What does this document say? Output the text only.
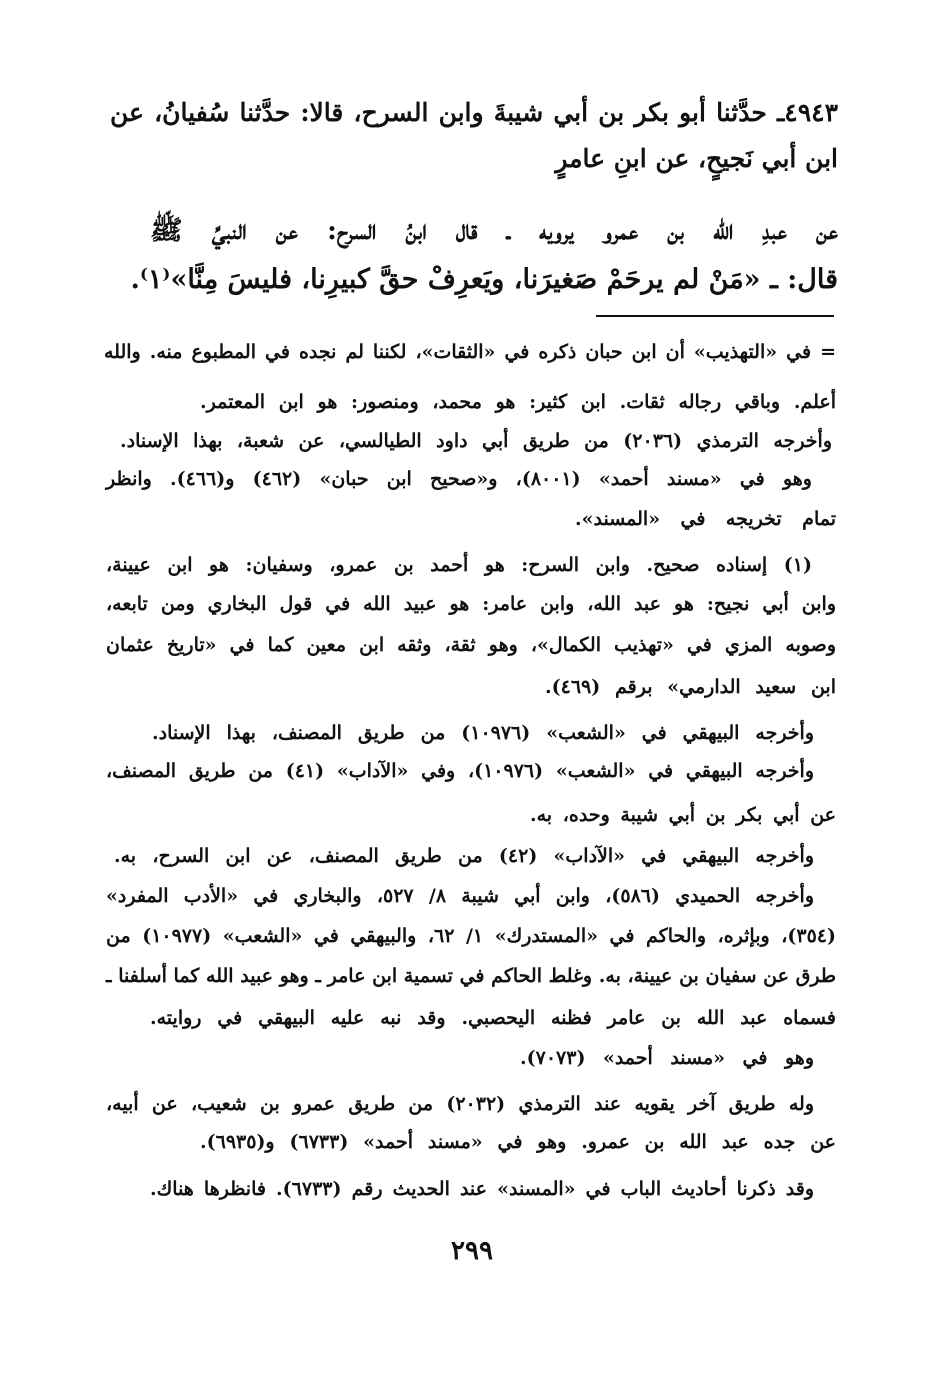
٤٩٤٣ـ حدَّثنا أبو بكر بن أبي شيبةَ وابن السرح، قالا: حدَّثنا سُفيانُ، عن
ابن أبي نَجيحٍ، عن ابنِ عامرٍ
عن عبدِ الله بن عمرو يرويه ـ قال ابنُ السرح: عن النبيِّ ﷺ
قال: ـ «مَنْ لم يرحَمْ صَغيرَنا، ويَعرِفْ حقَّ كبيرِنا، فليسَ مِنَّا»⁽١⁾.
= في «التهذيب» أن ابن حبان ذكره في «الثقات»، لكننا لم نجده في المطبوع منه. والله
أعلم. وباقي رجاله ثقات. ابن كثير: هو محمد، ومنصور: هو ابن المعتمر.
وأخرجه الترمذي (٢٠٣٦) من طريق أبي داود الطيالسي، عن شعبة، بهذا الإسناد.
وهو في «مسند أحمد» (٨٠٠١)، و«صحيح ابن حبان» (٤٦٢) و(٤٦٦). وانظر
تمام تخريجه في «المسند».
(١) إسناده صحيح. وابن السرح: هو أحمد بن عمرو، وسفيان: هو ابن عيينة،
وابن أبي نجيح: هو عبد الله، وابن عامر: هو عبيد الله في قول البخاري ومن تابعه،
وصوبه المزي في «تهذيب الكمال»، وهو ثقة، وثقه ابن معين كما في «تاريخ عثمان
ابن سعيد الدارمي» برقم (٤٦٩).
وأخرجه البيهقي في «الشعب» (١٠٩٧٦) من طريق المصنف، بهذا الإسناد.
وأخرجه البيهقي في «الشعب» (١٠٩٧٦)، وفي «الآداب» (٤١) من طريق المصنف،
عن أبي بكر بن أبي شيبة وحده، به.
وأخرجه البيهقي في «الآداب» (٤٢) من طريق المصنف، عن ابن السرح، به.
وأخرجه الحميدي (٥٨٦)، وابن أبي شيبة ٨/ ٥٢٧، والبخاري في «الأدب المفرد»
(٣٥٤)، وبإثره، والحاكم في «المستدرك» ١/ ٦٢، والبيهقي في «الشعب» (١٠٩٧٧) من
طرق عن سفيان بن عيينة، به. وغلط الحاكم في تسمية ابن عامر ـ وهو عبيد الله كما أسلفنا ـ
فسماه عبد الله بن عامر فظنه اليحصبي. وقد نبه عليه البيهقي في روايته.
وهو في «مسند أحمد» (٧٠٧٣).
وله طريق آخر يقويه عند الترمذي (٢٠٣٢) من طريق عمرو بن شعيب، عن أبيه،
عن جده عبد الله بن عمرو. وهو في «مسند أحمد» (٦٧٣٣) و(٦٩٣٥).
وقد ذكرنا أحاديث الباب في «المسند» عند الحديث رقم (٦٧٣٣). فانظرها هناك.
٢٩٩
